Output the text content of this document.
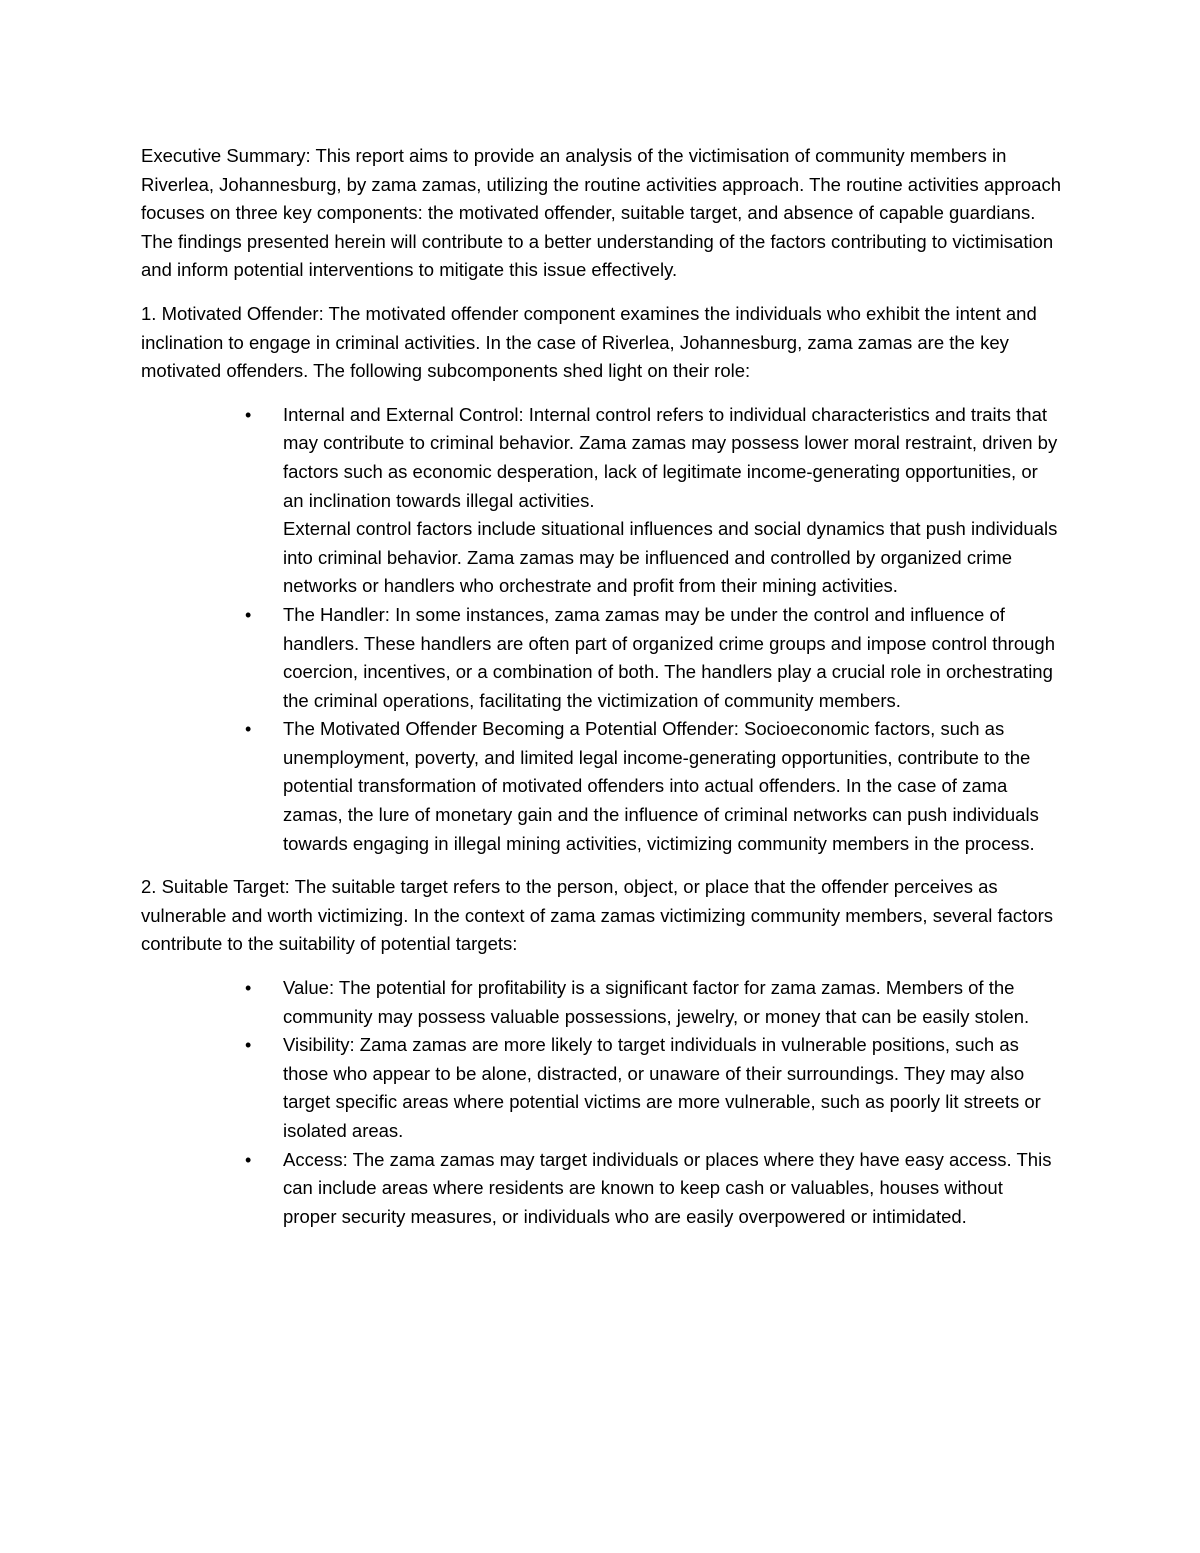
Executive Summary: This report aims to provide an analysis of the victimisation of community members in Riverlea, Johannesburg, by zama zamas, utilizing the routine activities approach. The routine activities approach focuses on three key components: the motivated offender, suitable target, and absence of capable guardians. The findings presented herein will contribute to a better understanding of the factors contributing to victimisation and inform potential interventions to mitigate this issue effectively.

1. Motivated Offender: The motivated offender component examines the individuals who exhibit the intent and inclination to engage in criminal activities. In the case of Riverlea, Johannesburg, zama zamas are the key motivated offenders. The following subcomponents shed light on their role:

• Internal and External Control: Internal control refers to individual characteristics and traits that may contribute to criminal behavior. Zama zamas may possess lower moral restraint, driven by factors such as economic desperation, lack of legitimate income-generating opportunities, or an inclination towards illegal activities.
External control factors include situational influences and social dynamics that push individuals into criminal behavior. Zama zamas may be influenced and controlled by organized crime networks or handlers who orchestrate and profit from their mining activities.
• The Handler: In some instances, zama zamas may be under the control and influence of handlers. These handlers are often part of organized crime groups and impose control through coercion, incentives, or a combination of both. The handlers play a crucial role in orchestrating the criminal operations, facilitating the victimization of community members.
• The Motivated Offender Becoming a Potential Offender: Socioeconomic factors, such as unemployment, poverty, and limited legal income-generating opportunities, contribute to the potential transformation of motivated offenders into actual offenders. In the case of zama zamas, the lure of monetary gain and the influence of criminal networks can push individuals towards engaging in illegal mining activities, victimizing community members in the process.

2. Suitable Target: The suitable target refers to the person, object, or place that the offender perceives as vulnerable and worth victimizing. In the context of zama zamas victimizing community members, several factors contribute to the suitability of potential targets:

• Value: The potential for profitability is a significant factor for zama zamas. Members of the community may possess valuable possessions, jewelry, or money that can be easily stolen.
• Visibility: Zama zamas are more likely to target individuals in vulnerable positions, such as those who appear to be alone, distracted, or unaware of their surroundings. They may also target specific areas where potential victims are more vulnerable, such as poorly lit streets or isolated areas.
• Access: The zama zamas may target individuals or places where they have easy access. This can include areas where residents are known to keep cash or valuables, houses without proper security measures, or individuals who are easily overpowered or intimidated.
